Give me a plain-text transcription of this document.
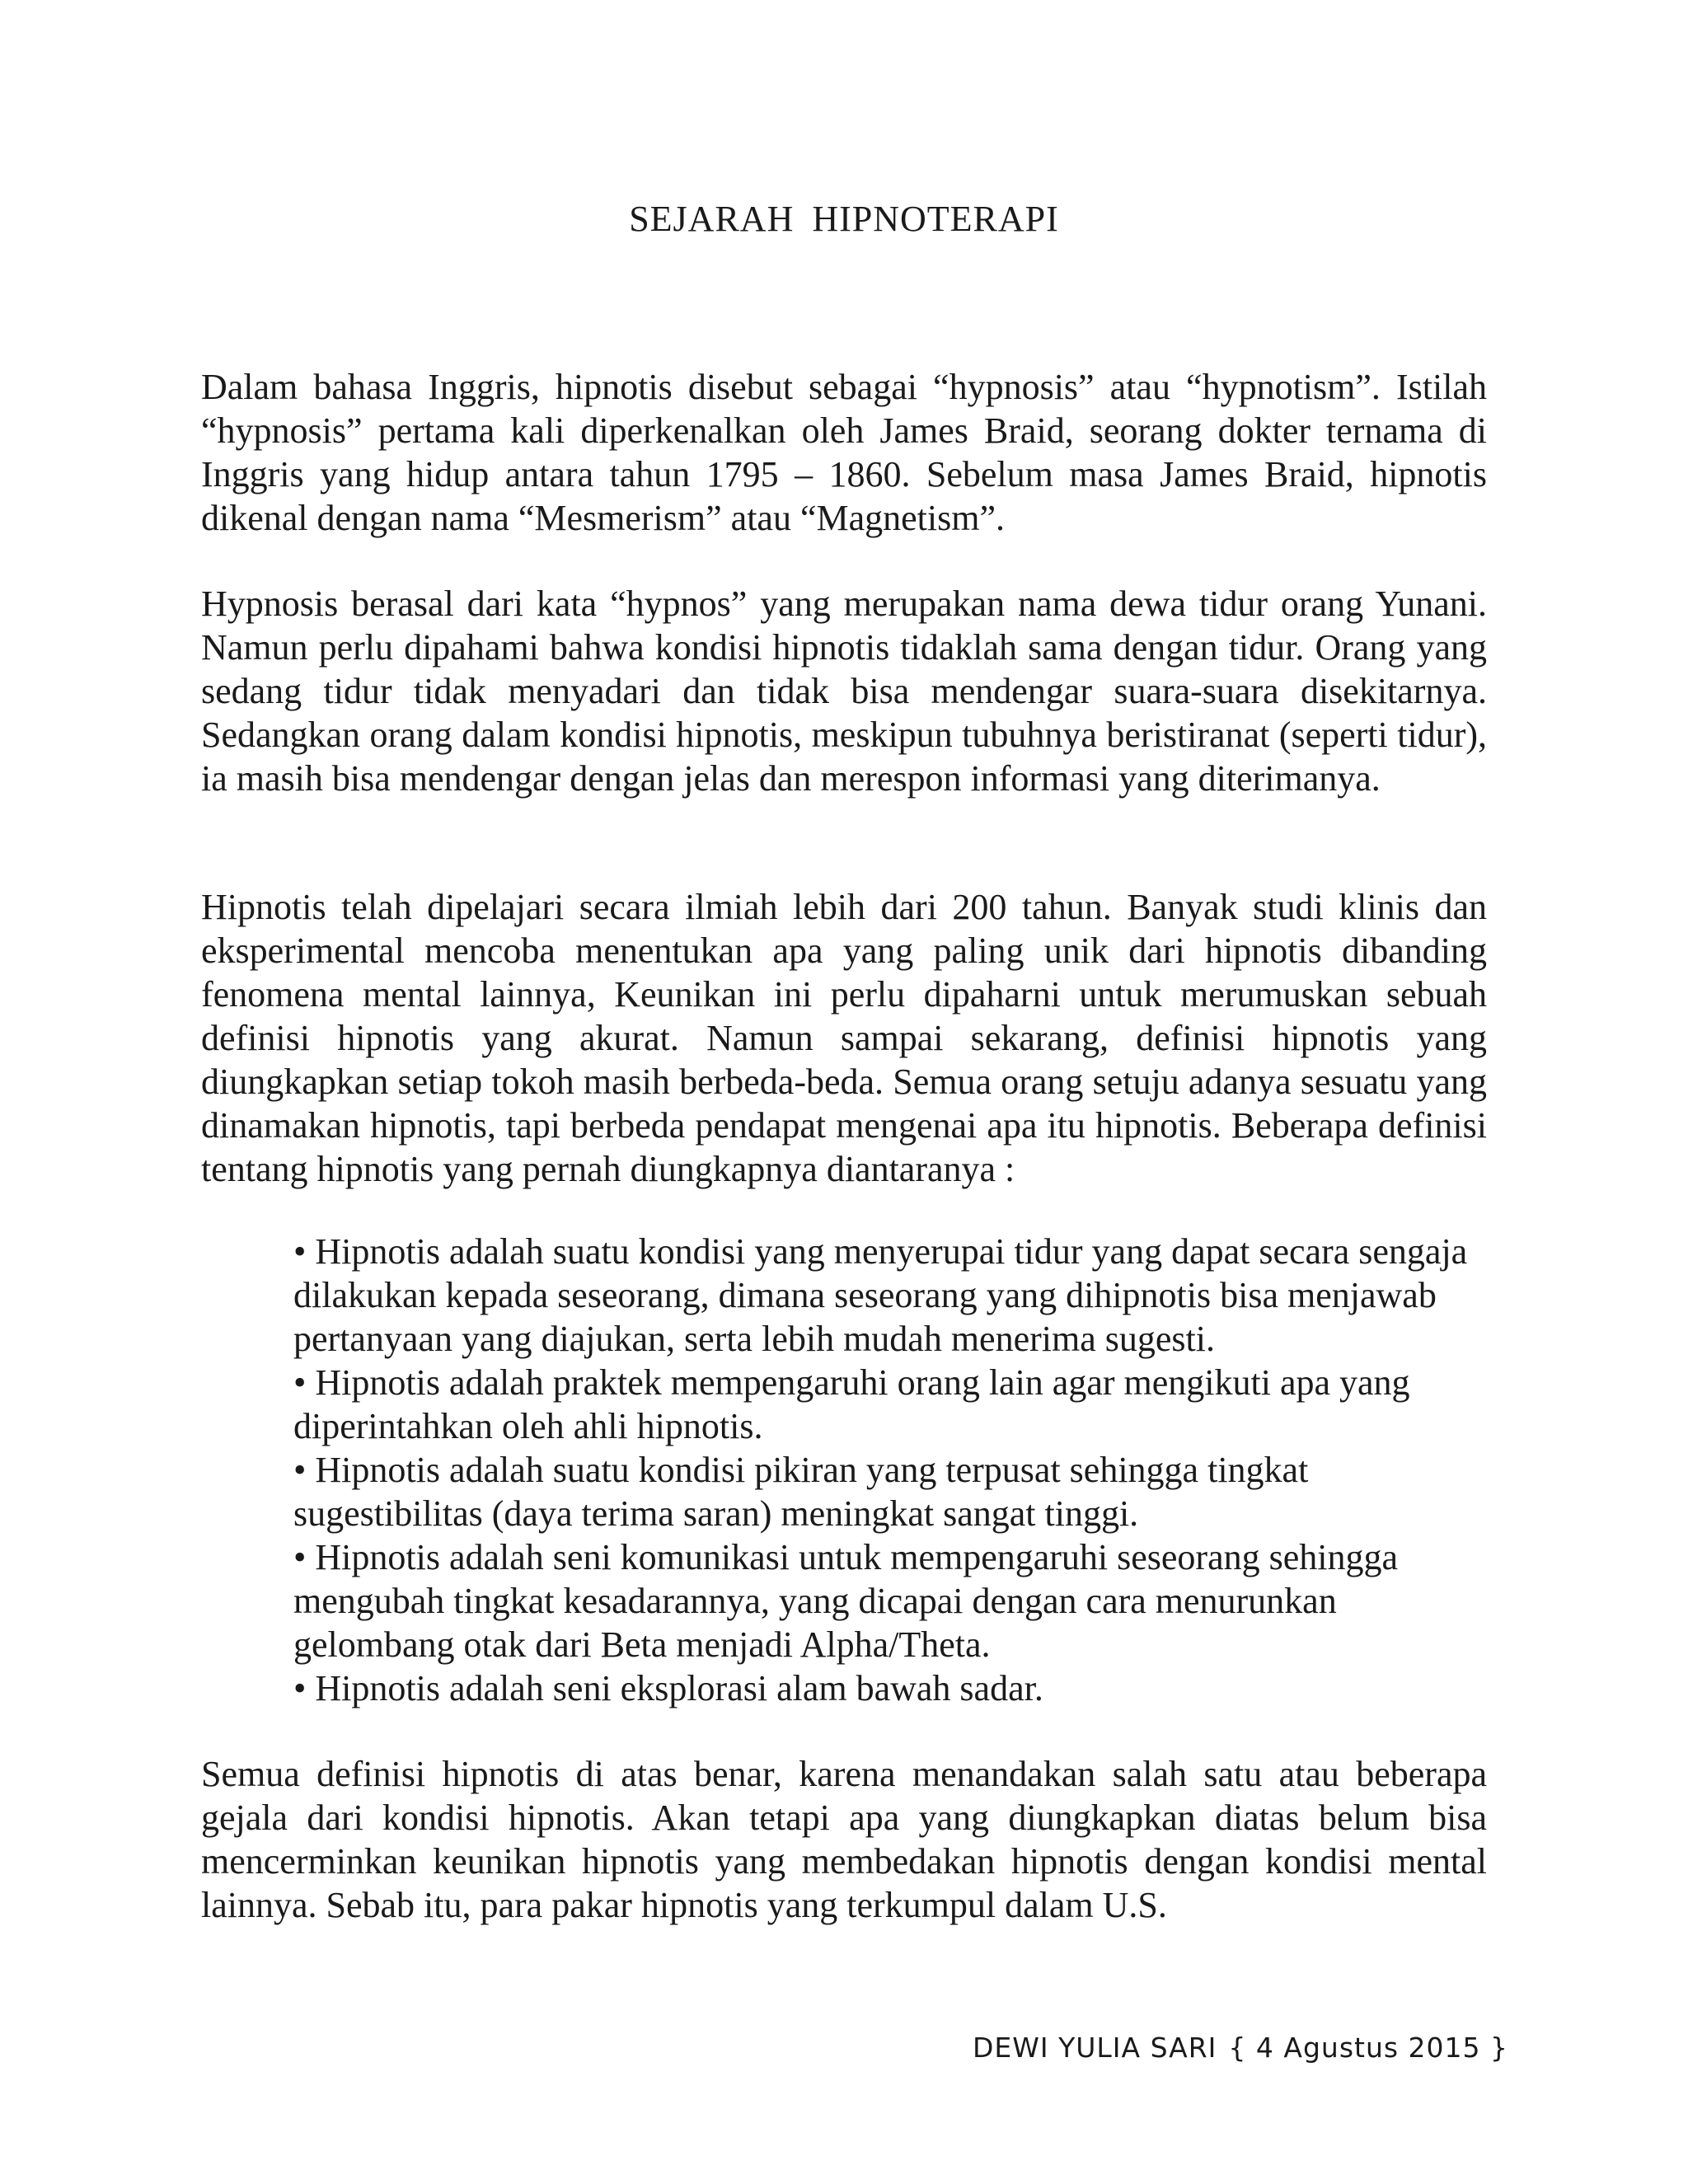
SEJARAH HIPNOTERAPI
Dalam bahasa Inggris, hipnotis disebut sebagai “hypnosis” atau “hypnotism”. Istilah “hypnosis” pertama kali diperkenalkan oleh James Braid, seorang dokter ternama di Inggris yang hidup antara tahun 1795 – 1860. Sebelum masa James Braid, hipnotis dikenal dengan nama “Mesmerism” atau “Magnetism”.
Hypnosis berasal dari kata “hypnos” yang merupakan nama dewa tidur orang Yunani. Namun perlu dipahami bahwa kondisi hipnotis tidaklah sama dengan tidur. Orang yang sedang tidur tidak menyadari dan tidak bisa mendengar suara-suara disekitarnya. Sedangkan orang dalam kondisi hipnotis, meskipun tubuhnya beristiranat (seperti tidur), ia masih bisa mendengar dengan jelas dan merespon informasi yang diterimanya.
Hipnotis telah dipelajari secara ilmiah lebih dari 200 tahun. Banyak studi klinis dan eksperimental mencoba menentukan apa yang paling unik dari hipnotis dibanding fenomena mental lainnya, Keunikan ini perlu dipaharni untuk merumuskan sebuah definisi hipnotis yang akurat. Namun sampai sekarang, definisi hipnotis yang diungkapkan setiap tokoh masih berbeda-beda. Semua orang setuju adanya sesuatu yang dinamakan hipnotis, tapi berbeda pendapat mengenai apa itu hipnotis. Beberapa definisi tentang hipnotis yang pernah diungkapnya diantaranya :
• Hipnotis adalah suatu kondisi yang menyerupai tidur yang dapat secara sengaja dilakukan kepada seseorang, dimana seseorang yang dihipnotis bisa menjawab pertanyaan yang diajukan, serta lebih mudah menerima sugesti.
• Hipnotis adalah praktek mempengaruhi orang lain agar mengikuti apa yang diperintahkan oleh ahli hipnotis.
• Hipnotis adalah suatu kondisi pikiran yang terpusat sehingga tingkat sugestibilitas (daya terima saran) meningkat sangat tinggi.
• Hipnotis adalah seni komunikasi untuk mempengaruhi seseorang sehingga mengubah tingkat kesadarannya, yang dicapai dengan cara menurunkan gelombang otak dari Beta menjadi Alpha/Theta.
• Hipnotis adalah seni eksplorasi alam bawah sadar.
Semua definisi hipnotis di atas benar, karena menandakan salah satu atau beberapa gejala dari kondisi hipnotis. Akan tetapi apa yang diungkapkan diatas belum bisa mencerminkan keunikan hipnotis yang membedakan hipnotis dengan kondisi mental lainnya. Sebab itu, para pakar hipnotis yang terkumpul dalam U.S.
DEWI YULIA SARI { 4 Agustus 2015 }
